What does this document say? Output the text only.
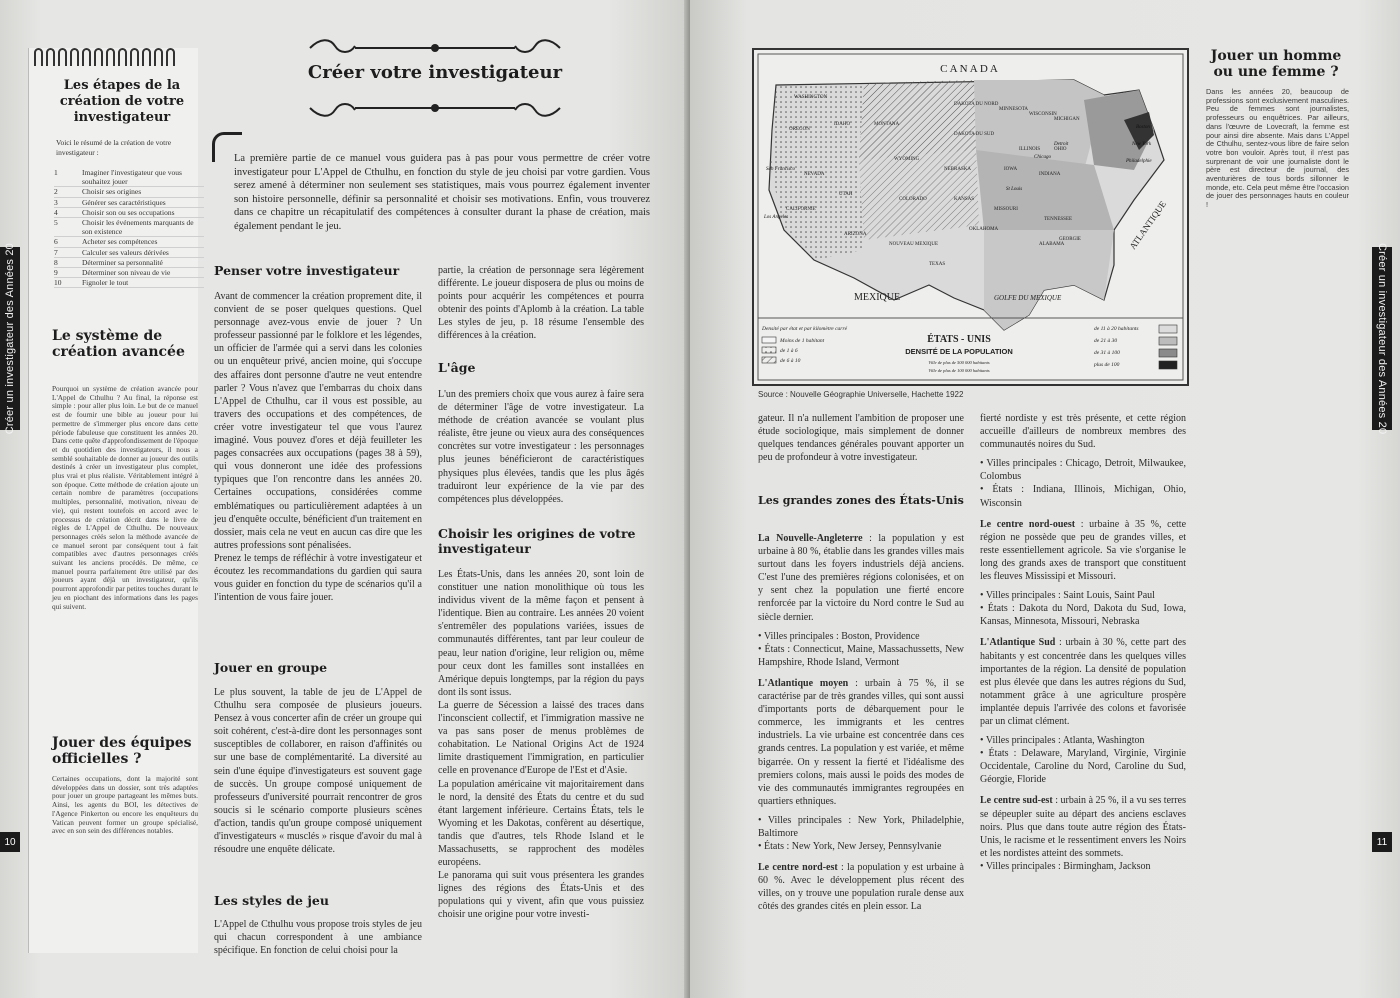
Créer un investigateur des Années 20
10
Les étapes de la création de votre investigateur
Voici le résumé de la création de votre investigateur :
1	Imaginer l'investigateur que vous souhaitez jouer
2	Choisir ses origines
3	Générer ses caractéristiques
4	Choisir son ou ses occupations
5	Choisir les événements marquants de son existence
6	Acheter ses compétences
7	Calculer ses valeurs dérivées
8	Déterminer sa personnalité
9	Déterminer son niveau de vie
10	Fignoler le tout
Le système de création avancée
Pourquoi un système de création avancée pour L'Appel de Cthulhu ? Au final, la réponse est simple : pour aller plus loin. Le but de ce manuel est de fournir une bible au joueur pour lui permettre de s'immerger plus encore dans cette période fabuleuse que constituent les années 20. Dans cette quête d'approfondissement de l'époque et du quotidien des investigateurs, il nous a semblé souhaitable de donner au joueur des outils destinés à créer un investigateur plus complet, plus vrai et plus réaliste. Véritablement intégré à son époque. Cette méthode de création ajoute un certain nombre de paramètres (occupations multiples, personnalité, motivation, niveau de vie), qui restent toutefois en accord avec le processus de création décrit dans le livre de règles de L'Appel de Cthulhu. De nouveaux personnages créés selon la méthode avancée de ce manuel seront par conséquent tout à fait compatibles avec d'autres personnages créés suivant les anciens procédés. De même, ce manuel pourra parfaitement être utilisé par des joueurs ayant déjà un investigateur, qu'ils pourront approfondir par petites touches durant le jeu en piochant des informations dans les pages qui suivent.
Jouer des équipes officielles ?
Certaines occupations, dont la majorité sont développées dans un dossier, sont très adaptées pour jouer un groupe partageant les mêmes buts. Ainsi, les agents du BOI, les détectives de l'Agence Pinkerton ou encore les enquêteurs du Vatican peuvent former un groupe spécialisé, avec en son sein des différences notables.
Créer votre investigateur
La première partie de ce manuel vous guidera pas à pas pour vous permettre de créer votre investigateur pour L'Appel de Cthulhu, en fonction du style de jeu choisi par votre gardien. Vous serez amené à déterminer non seulement ses statistiques, mais vous pourrez également inventer son histoire personnelle, définir sa personnalité et choisir ses motivations. Enfin, vous trouverez dans ce chapitre un récapitulatif des compétences à consulter durant la phase de création, mais également pendant le jeu.
Penser votre investigateur

Avant de commencer la création proprement dite, il convient de se poser quelques questions. Quel personnage avez-vous envie de jouer ? Un professeur passionné par le folklore et les légendes, un officier de l'armée qui a servi dans les colonies ou un enquêteur privé, ancien moine, qui s'occupe des affaires dont personne d'autre ne veut entendre parler ? Vous n'avez que l'embarras du choix dans L'Appel de Cthulhu, car il vous est possible, au travers des occupations et des compétences, de créer votre investigateur tel que vous l'aurez imaginé. Vous pouvez d'ores et déjà feuilleter les pages consacrées aux occupations (pages 38 à 59), qui vous donneront une idée des professions typiques que l'on rencontre dans les années 20. Certaines occupations, considérées comme emblématiques ou particulièrement adaptées à un jeu d'enquête occulte, bénéficient d'un traitement en dossier, mais cela ne veut en aucun cas dire que les autres professions sont pénalisées.

Prenez le temps de réfléchir à votre investigateur et écoutez les recommandations du gardien qui saura vous guider en fonction du type de scénarios qu'il a l'intention de vous faire jouer.

Jouer en groupe

Le plus souvent, la table de jeu de L'Appel de Cthulhu sera composée de plusieurs joueurs. Pensez à vous concerter afin de créer un groupe qui soit cohérent, c'est-à-dire dont les personnages sont susceptibles de collaborer, en raison d'affinités ou sur une base de complémentarité. La diversité au sein d'une équipe d'investigateurs est souvent gage de succès. Un groupe composé uniquement de professeurs d'université pourrait rencontrer de gros soucis si le scénario comporte plusieurs scènes d'action, tandis qu'un groupe composé uniquement d'investigateurs « musclés » risque d'avoir du mal à résoudre une enquête délicate.

Les styles de jeu

L'Appel de Cthulhu vous propose trois styles de jeu qui chacun correspondent à une ambiance spécifique. En fonction de celui choisi pour la

partie, la création de personnage sera légèrement différente. Le joueur disposera de plus ou moins de points pour acquérir les compétences et pourra obtenir des points d'Aplomb à la création. La table Les styles de jeu, p. 18 résume l'ensemble des différences à la création.

L'âge

L'un des premiers choix que vous aurez à faire sera de déterminer l'âge de votre investigateur. La méthode de création avancée se voulant plus réaliste, être jeune ou vieux aura des conséquences concrètes sur votre investigateur : les personnages plus jeunes bénéficieront de caractéristiques physiques plus élevées, tandis que les plus âgés traduiront leur expérience de la vie par des compétences plus développées.

Choisir les origines de votre investigateur

Les États-Unis, dans les années 20, sont loin de constituer une nation monolithique où tous les individus vivent de la même façon et pensent à l'identique. Bien au contraire. Les années 20 voient s'entremêler des populations variées, issues de communautés différentes, tant par leur couleur de peau, leur nation d'origine, leur religion ou, même pour ceux dont les familles sont installées en Amérique depuis longtemps, par la région du pays dont ils sont issus.

La guerre de Sécession a laissé des traces dans l'inconscient collectif, et l'immigration massive ne va pas sans poser de menus problèmes de cohabitation. Le National Origins Act de 1924 limite drastiquement l'immigration, en particulier celle en provenance d'Europe de l'Est et d'Asie.

La population américaine vit majoritairement dans le nord, la densité des États du centre et du sud étant largement inférieure. Certains États, tels le Wyoming et les Dakotas, confèrent au désertique, tandis que d'autres, tels Rhode Island et le Massachusetts, se rapprochent des modèles européens.

Le panorama qui suit vous présentera les grandes lignes des régions des États-Unis et des populations qui y vivent, afin que vous puissiez choisir une origine pour votre investi-

Créer un investigateur des Années 20
11
C A N A D A
MEXIQUE	GOLFE DU MEXIQUE
ATLANTIQUE
MONTANA
DAKOTA DU NORD
DAKOTA DU SUD
NEBRASKA
KANSAS
IDAHO
NEVADA
UTAH
COLORADO
ARIZONA
NOUVEAU MEXIQUE
OKLAHOMA
TEXAS
MISSOURI
IOWA
ILLINOIS	OHIO
MICHIGAN
WISCONSIN
MINNESOTA
GEORGIE
ALABAMA
WASHINGTON
OREGON
CALIFORNIE
WYOMING
INDIANA
TENNESSEE
San Francisco
Los Angeles
Chicago
Detroit	New York
Philadelphie
Boston
St Louis
Densité par état et par kilomètre carré
Moins de 1 habitant
de 1 à 6
de 6 à 10
ÉTATS - UNIS
DENSITÉ DE LA POPULATION
Ville de plus de 500 000 habitants
Ville de plus de 100 000 habitants
de 11 à 20 habitants
de 21 à 30
de 31 à 100
plus de 100
Source : Nouvelle Géographie Universelle, Hachette 1922
Jouer un homme ou une femme ?
Dans les années 20, beaucoup de professions sont exclusivement masculines. Peu de femmes sont journalistes, professeurs ou enquêtrices. Par ailleurs, dans l'œuvre de Lovecraft, la femme est pour ainsi dire absente. Mais dans L'Appel de Cthulhu, sentez-vous libre de faire selon votre bon vouloir. Après tout, il n'est pas surprenant de voir une journaliste dont le père est directeur de journal, des aventurières de tous bords sillonner le monde, etc. Cela peut même être l'occasion de jouer des personnages hauts en couleur !

gateur. Il n'a nullement l'ambition de proposer une étude sociologique, mais simplement de donner quelques tendances générales pouvant apporter un peu de profondeur à votre investigateur.

Les grandes zones des États-Unis

La Nouvelle-Angleterre : la population y est urbaine à 80 %, établie dans les grandes villes mais surtout dans les foyers industriels déjà anciens. C'est l'une des premières régions colonisées, et on y sent chez la population une fierté encore renforcée par la victoire du Nord contre le Sud au siècle dernier.

• Villes principales : Boston, Providence

• États : Connecticut, Maine, Massachussetts, New Hampshire, Rhode Island, Vermont

L'Atlantique moyen : urbain à 75 %, il se caractérise par de très grandes villes, qui sont aussi d'importants ports de débarquement pour le commerce, les immigrants et les centres industriels. La vie urbaine est concentrée dans ces grands centres. La population y est variée, et même bigarrée. On y ressent la fierté et l'idéalisme des premiers colons, mais aussi le poids des modes de vie des communautés immigrantes regroupées en quartiers ethniques.

• Villes principales : New York, Philadelphie, Baltimore

• États : New York, New Jersey, Pennsylvanie

Le centre nord-est : la population y est urbaine à 60 %. Avec le développement plus récent des villes, on y trouve une population rurale dense aux côtés des grandes cités en plein essor. La

fierté nordiste y est très présente, et cette région accueille d'ailleurs de nombreux membres des communautés noires du Sud.

• Villes principales : Chicago, Detroit, Milwaukee, Colombus

• États : Indiana, Illinois, Michigan, Ohio, Wisconsin

Le centre nord-ouest : urbaine à 35 %, cette région ne possède que peu de grandes villes, et reste essentiellement agricole. Sa vie s'organise le long des grands axes de transport que constituent les fleuves Mississipi et Missouri.

• Villes principales : Saint Louis, Saint Paul

• États : Dakota du Nord, Dakota du Sud, Iowa, Kansas, Minnesota, Missouri, Nebraska

L'Atlantique Sud : urbain à 30 %, cette part des habitants y est concentrée dans les quelques villes importantes de la région. La densité de population est plus élevée que dans les autres régions du Sud, notamment grâce à une agriculture prospère implantée depuis l'arrivée des colons et favorisée par un climat clément.

• Villes principales : Atlanta, Washington

• États : Delaware, Maryland, Virginie, Virginie Occidentale, Caroline du Nord, Caroline du Sud, Géorgie, Floride

Le centre sud-est : urbain à 25 %, il a vu ses terres se dépeupler suite au départ des anciens esclaves noirs. Plus que dans toute autre région des États-Unis, le racisme et le ressentiment envers les Noirs et les nordistes atteint des sommets.

• Villes principales : Birmingham, Jackson
